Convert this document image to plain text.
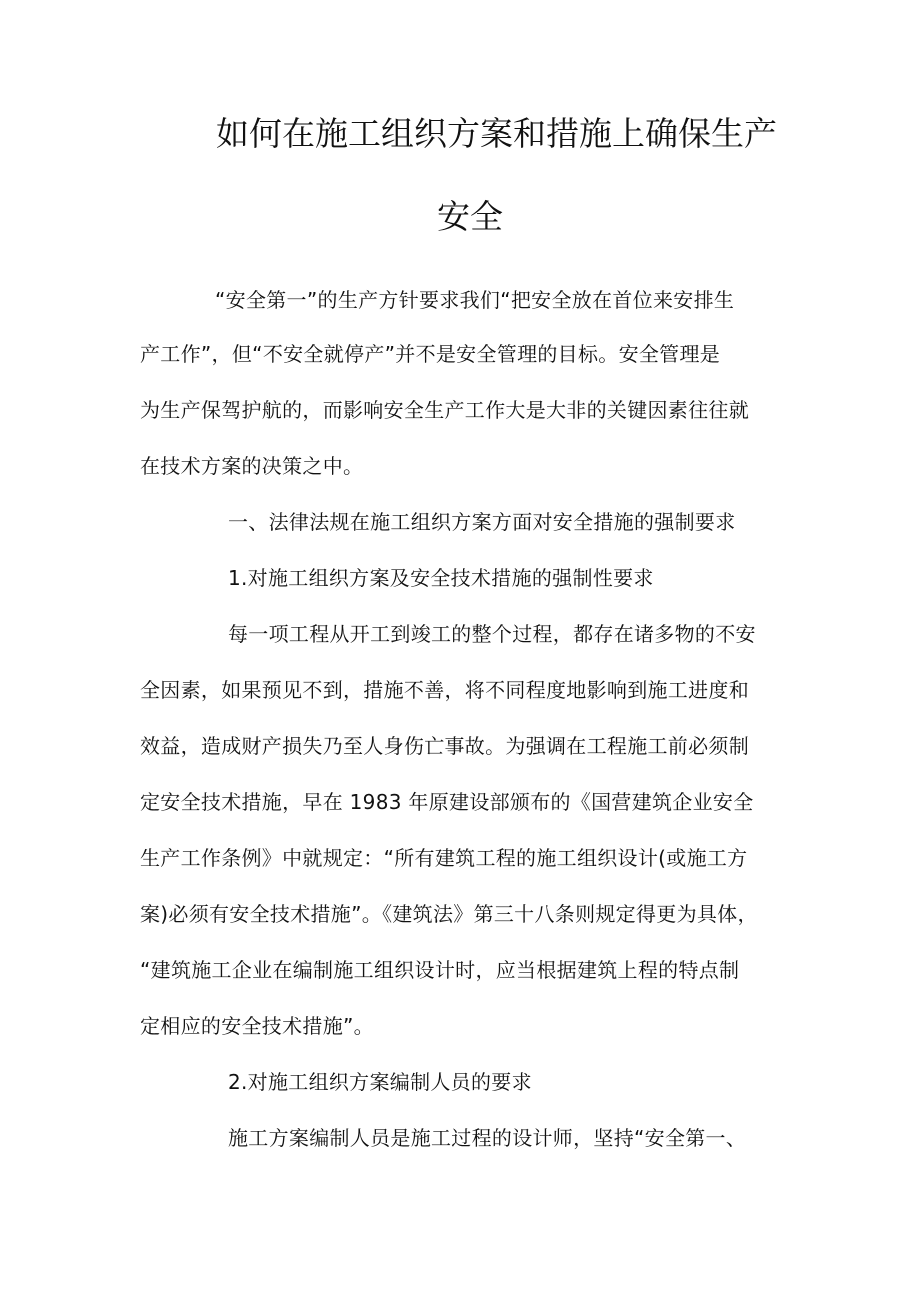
如何在施工组织方案和措施上确保生产
安全
“安全第一”的生产方针要求我们“把安全放在首位来安排生
产工作”，但“不安全就停产”并不是安全管理的目标。安全管理是
为生产保驾护航的，而影响安全生产工作大是大非的关键因素往往就
在技术方案的决策之中。
一、法律法规在施工组织方案方面对安全措施的强制要求
1.对施工组织方案及安全技术措施的强制性要求
每一项工程从开工到竣工的整个过程，都存在诸多物的不安
全因素，如果预见不到，措施不善，将不同程度地影响到施工进度和
效益，造成财产损失乃至人身伤亡事故。为强调在工程施工前必须制
定安全技术措施，早在 1983 年原建设部颁布的《国营建筑企业安全
生产工作条例》中就规定：“所有建筑工程的施工组织设计(或施工方
案)必须有安全技术措施”。《建筑法》第三十八条则规定得更为具体，
“建筑施工企业在编制施工组织设计时，应当根据建筑上程的特点制
定相应的安全技术措施”。
2.对施工组织方案编制人员的要求
施工方案编制人员是施工过程的设计师，坚持“安全第一、
